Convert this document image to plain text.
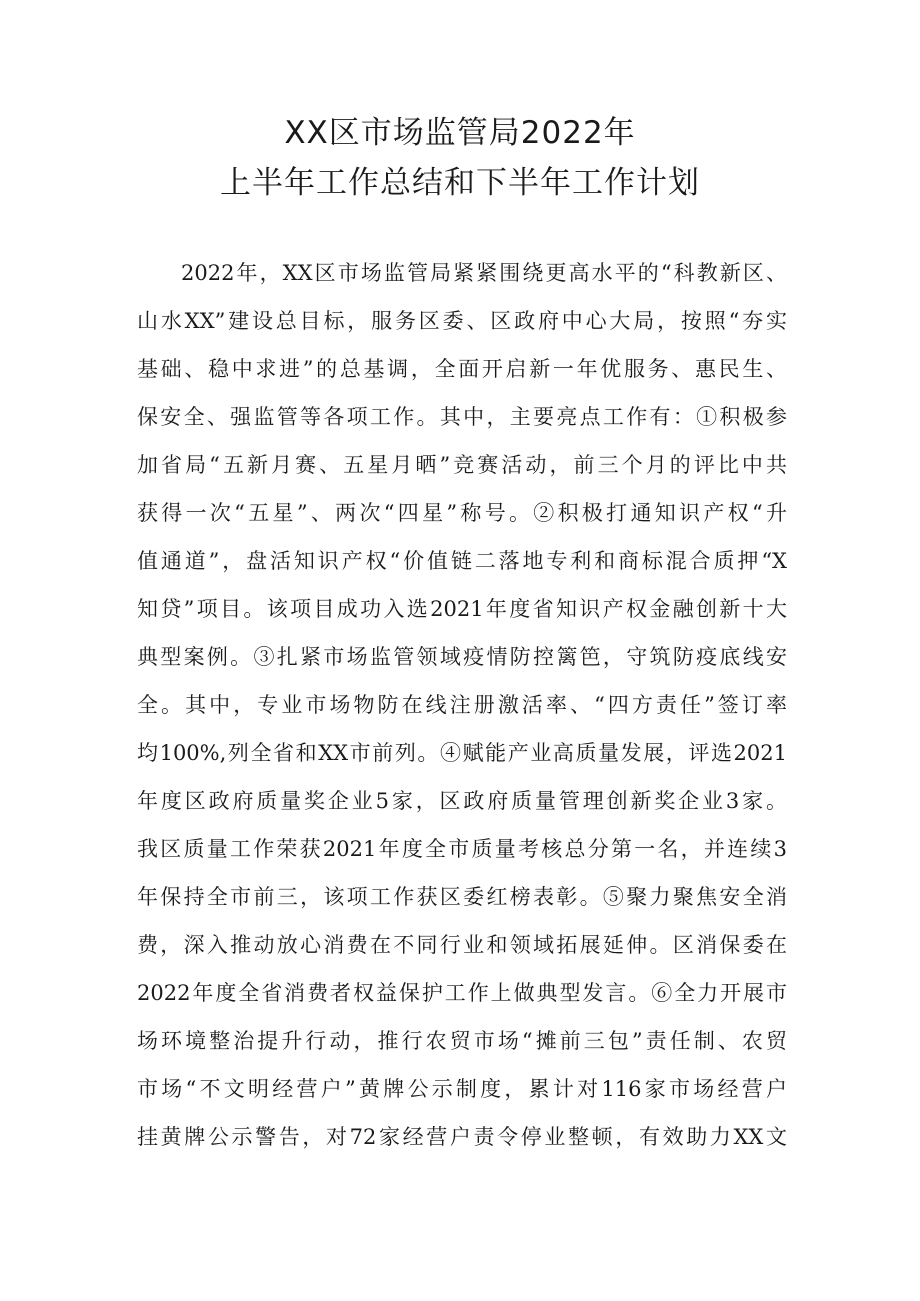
XX区市场监管局2022年
上半年工作总结和下半年工作计划
2022年，XX区市场监管局紧紧围绕更高水平的“科教新区、
山水XX”建设总目标，服务区委、区政府中心大局，按照“夯实
基础、稳中求进”的总基调，全面开启新一年优服务、惠民生、
保安全、强监管等各项工作。其中，主要亮点工作有：①积极参
加省局“五新月赛、五星月晒”竞赛活动，前三个月的评比中共
获得一次“五星”、两次“四星”称号。②积极打通知识产权“升
值通道”，盘活知识产权“价值链二落地专利和商标混合质押“X
知贷”项目。该项目成功入选2021年度省知识产权金融创新十大
典型案例。③扎紧市场监管领域疫情防控篱笆，守筑防疫底线安
全。其中，专业市场物防在线注册激活率、“四方责任”签订率
均100%,列全省和XX市前列。④赋能产业高质量发展，评选2021
年度区政府质量奖企业5家，区政府质量管理创新奖企业3家。
我区质量工作荣获2021年度全市质量考核总分第一名，并连续3
年保持全市前三，该项工作获区委红榜表彰。⑤聚力聚焦安全消
费，深入推动放心消费在不同行业和领域拓展延伸。区消保委在
2022年度全省消费者权益保护工作上做典型发言。⑥全力开展市
场环境整治提升行动，推行农贸市场“摊前三包”责任制、农贸
市场“不文明经营户”黄牌公示制度，累计对116家市场经营户
挂黄牌公示警告，对72家经营户责令停业整顿，有效助力XX文
